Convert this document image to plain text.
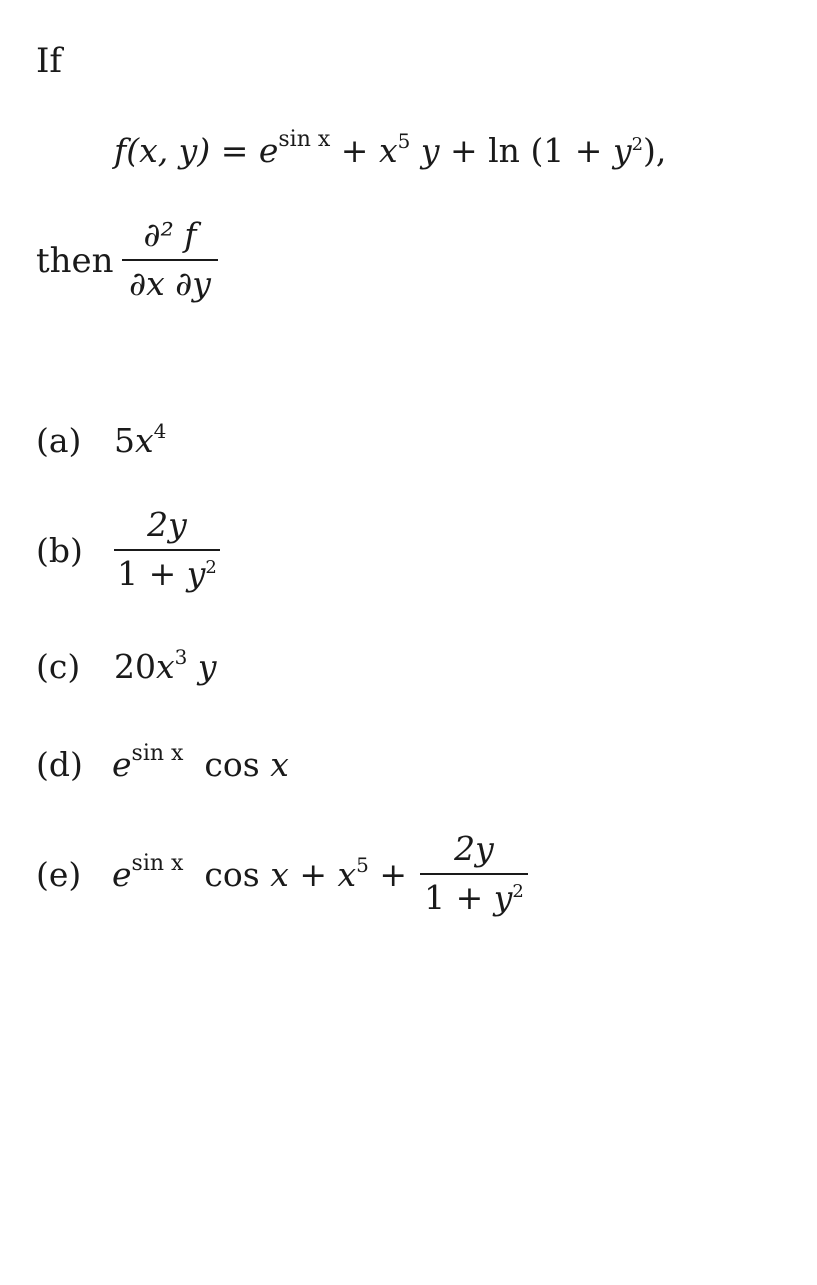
If
f(x, $y) = e^{sin x} + x^5$ $y + \ln (1 + y^2)$,
then
∂² f
∂x ∂y
(a) $5x^4$
(b)
2y
$1 + y^2$
(c) $20x^3$ y
(d) $e^{sin x}$ cos x
(e) $e^{sin x}$ $\cos x + x^5$ +
2y
$1 + y^2$
